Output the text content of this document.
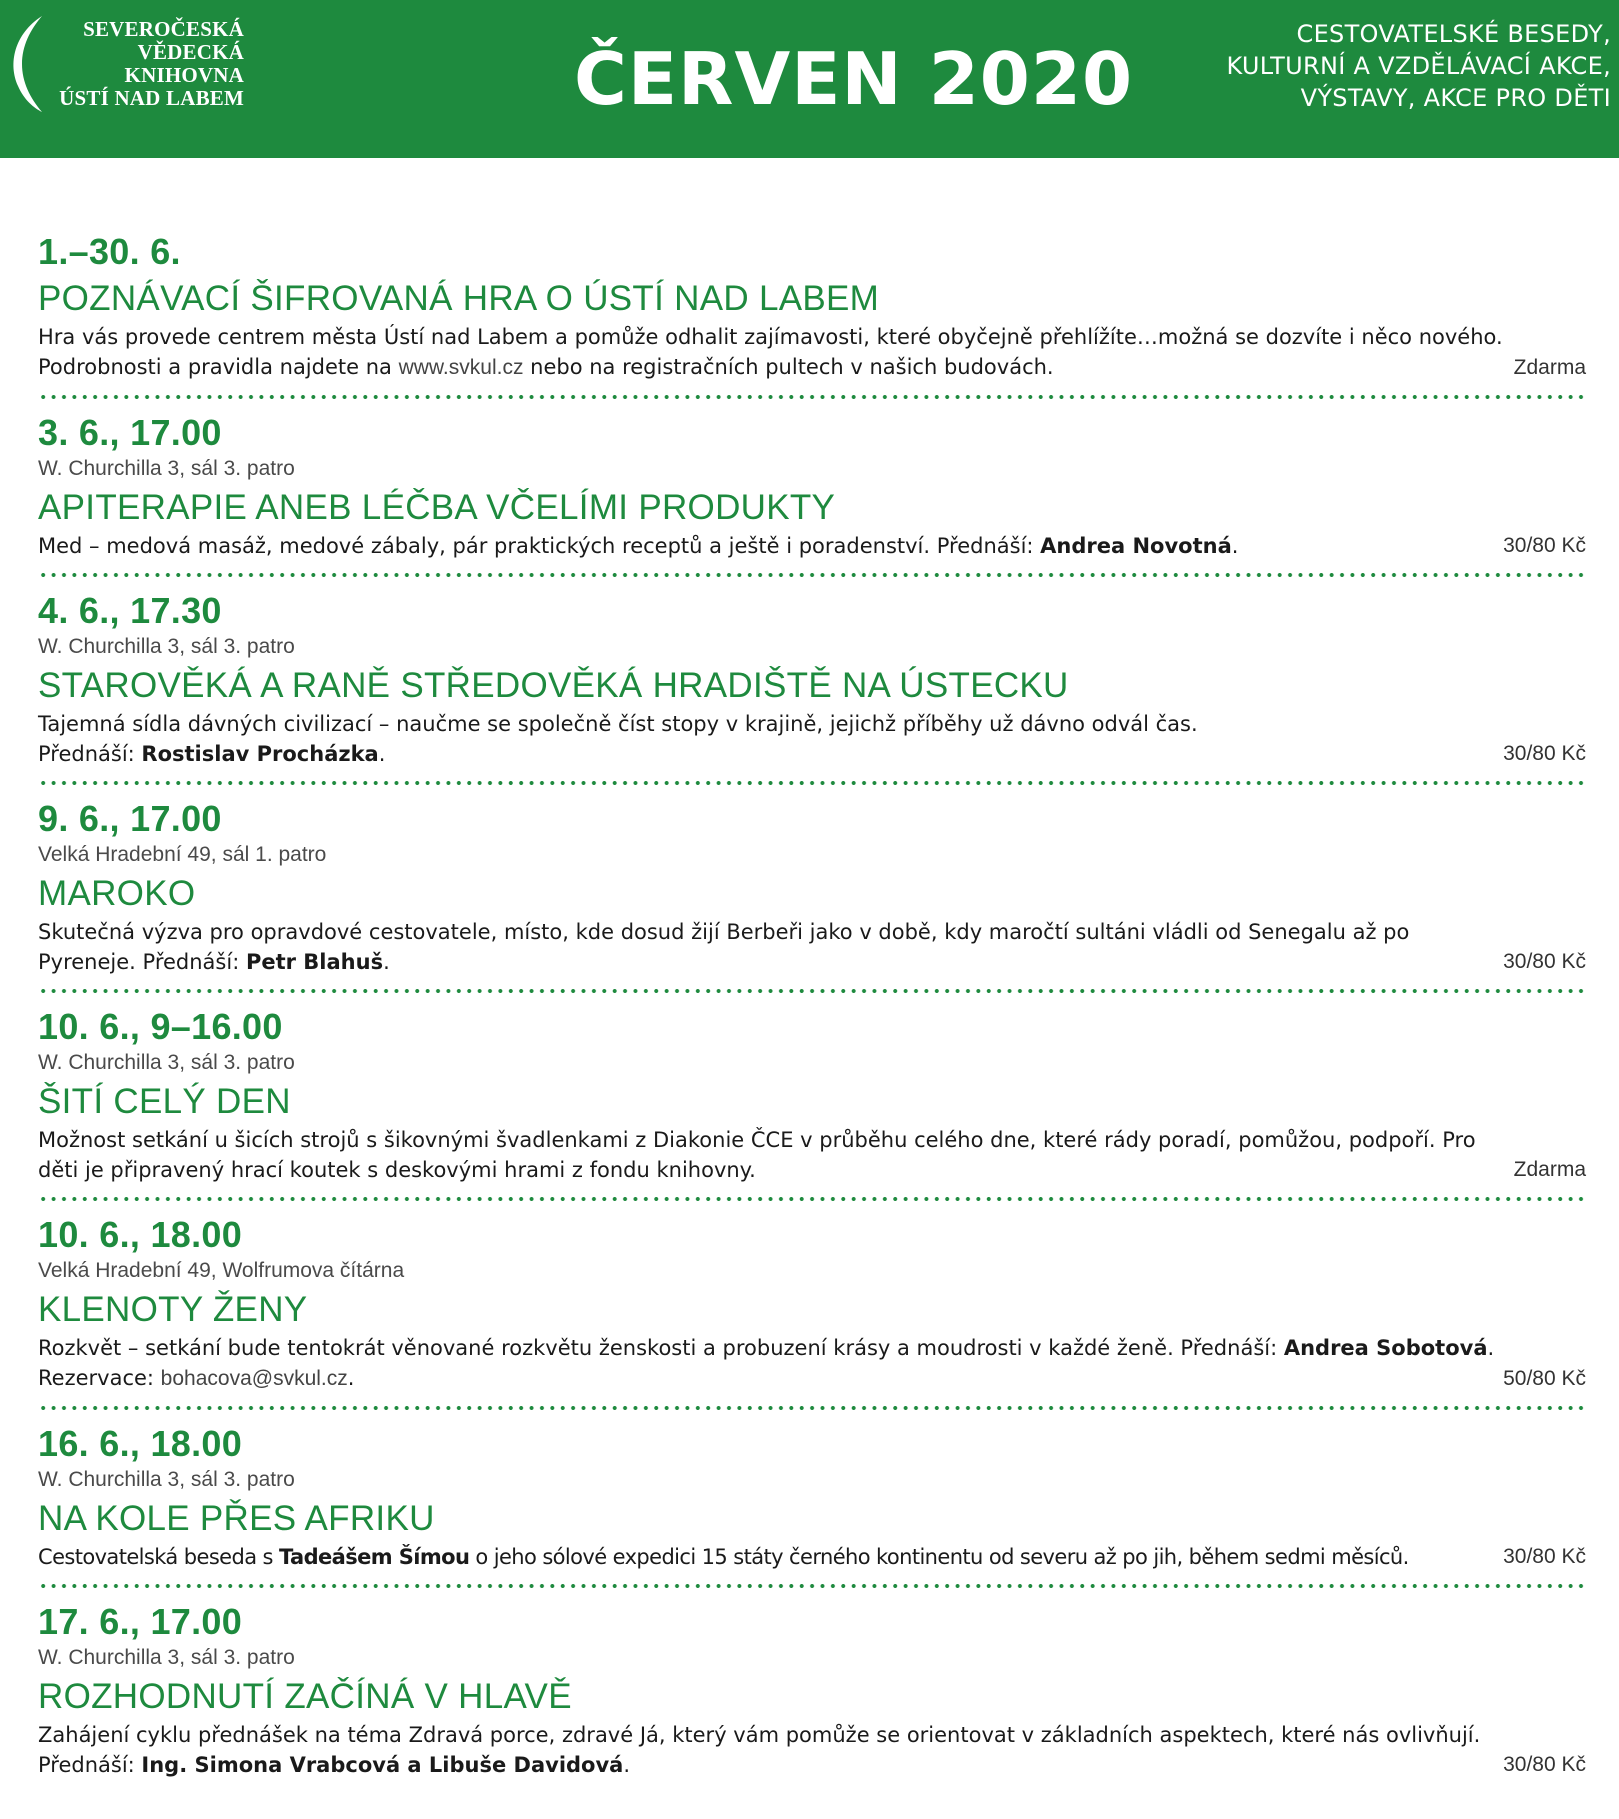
SEVEROČESKÁ
VĚDECKÁ
KNIHOVNA
ÚSTÍ NAD LABEM	ČERVEN 2020
CESTOVATELSKÉ BESEDY,
KULTURNÍ A VZDĚLÁVACÍ AKCE,
VÝSTAVY, AKCE PRO DĚTI
1.–30. 6.
POZNÁVACÍ ŠIFROVANÁ HRA O ÚSTÍ NAD LABEM
Hra vás provede centrem města Ústí nad Labem a pomůže odhalit zajímavosti, které obyčejně přehlížíte…možná se dozvíte i něco nového.
Podrobnosti a pravidla najdete na www.svkul.cz nebo na registračních pultech v našich budovách.	Zdarma
3. 6., 17.00
W. Churchilla 3, sál 3. patro
APITERAPIE ANEB LÉČBA VČELÍMI PRODUKTY
Med – medová masáž, medové zábaly, pár praktických receptů a ještě i poradenství. Přednáší: Andrea Novotná.	30/80 Kč
4. 6., 17.30
W. Churchilla 3, sál 3. patro
STAROVĚKÁ A RANĚ STŘEDOVĚKÁ HRADIŠTĚ NA ÚSTECKU
Tajemná sídla dávných civilizací – naučme se společně číst stopy v krajině, jejichž příběhy už dávno odvál čas.
Přednáší: Rostislav Procházka.	30/80 Kč
9. 6., 17.00
Velká Hradební 49, sál 1. patro
MAROKO
Skutečná výzva pro opravdové cestovatele, místo, kde dosud žijí Berbeři jako v době, kdy maročtí sultáni vládli od Senegalu až po
Pyreneje. Přednáší: Petr Blahuš.	30/80 Kč
10. 6., 9–16.00
W. Churchilla 3, sál 3. patro
ŠITÍ CELÝ DEN
Možnost setkání u šicích strojů s šikovnými švadlenkami z Diakonie ČCE v průběhu celého dne, které rády poradí, pomůžou, podpoří. Pro
děti je připravený hrací koutek s deskovými hrami z fondu knihovny.	Zdarma
10. 6., 18.00
Velká Hradební 49, Wolfrumova čítárna
KLENOTY ŽENY
Rozkvět – setkání bude tentokrát věnované rozkvětu ženskosti a probuzení krásy a moudrosti v každé ženě. Přednáší: Andrea Sobotová.
Rezervace: bohacova@svkul.cz.	50/80 Kč
16. 6., 18.00
W. Churchilla 3, sál 3. patro
NA KOLE PŘES AFRIKU
Cestovatelská beseda s Tadeášem Šímou o jeho sólové expedici 15 státy černého kontinentu od severu až po jih, během sedmi měsíců.	30/80 Kč
17. 6., 17.00
W. Churchilla 3, sál 3. patro
ROZHODNUTÍ ZAČÍNÁ V HLAVĚ
Zahájení cyklu přednášek na téma Zdravá porce, zdravé Já, který vám pomůže se orientovat v základních aspektech, které nás ovlivňují.
Přednáší: Ing. Simona Vrabcová a Libuše Davidová.	30/80 Kč
